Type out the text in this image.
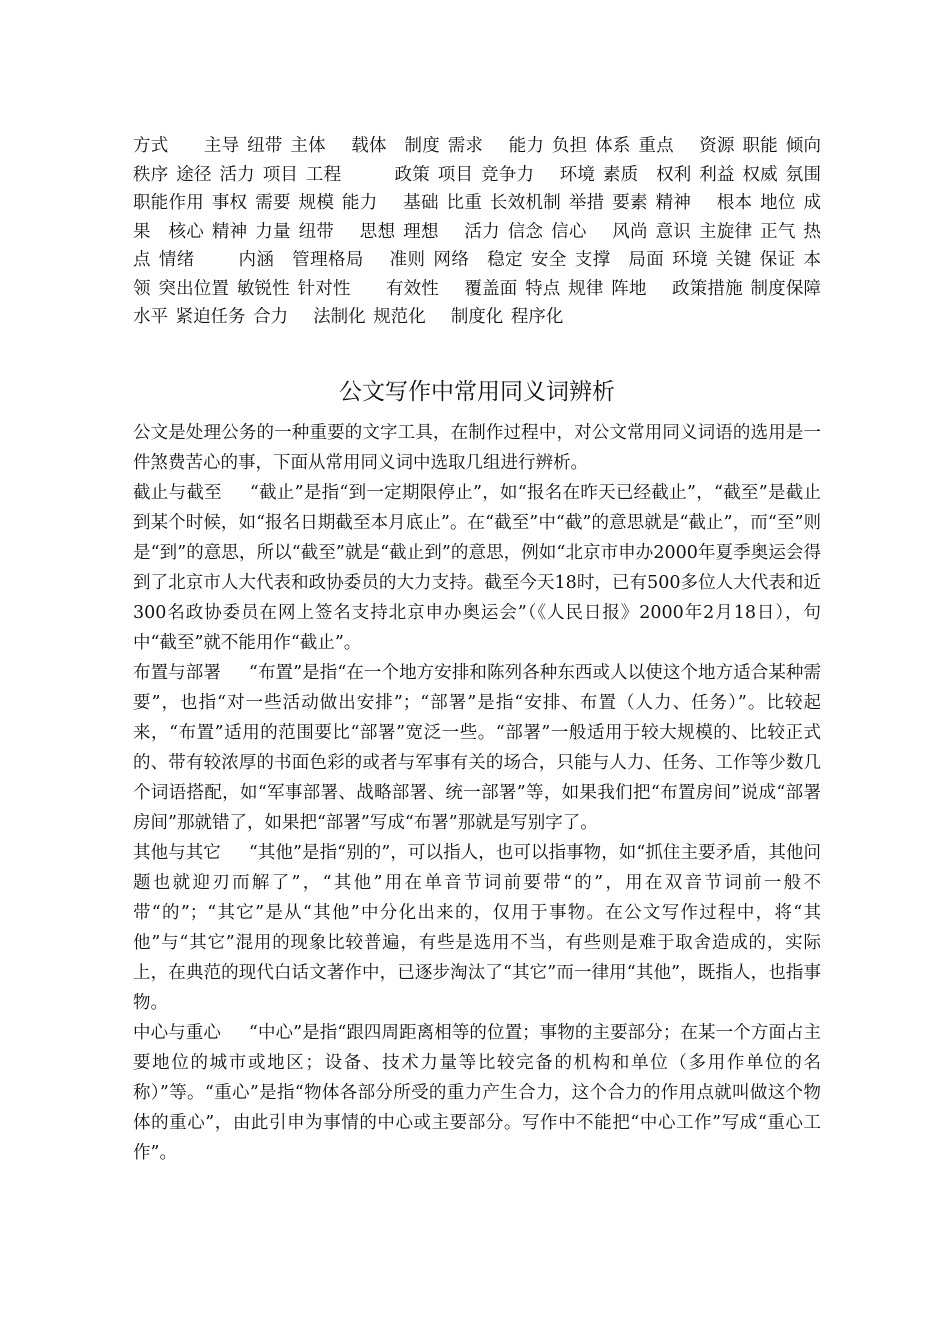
方式　　主导 纽带 主体　 载体　制度 需求　 能力 负担 体系 重点　 资源 职能 倾向 秩序 途径 活力 项目 工程　　　政策 项目 竞争力　 环境 素质　权利 利益 权威 氛围　　职能作用 事权 需要 规模 能力　 基础 比重 长效机制 举措 要素 精神　 根本 地位 成果　核心 精神 力量 纽带　 思想 理想　 活力 信念 信心　 风尚 意识 主旋律 正气 热点 情绪　　 内涵　管理格局　 准则 网络　稳定 安全 支撑　局面 环境 关键 保证 本领 突出位置 敏锐性 针对性　　有效性　 覆盖面 特点 规律 阵地　 政策措施 制度保障 水平 紧迫任务 合力　 法制化 规范化　 制度化 程序化
公文写作中常用同义词辨析

公文是处理公务的一种重要的文字工具，在制作过程中，对公文常用同义词语的选用是一件煞费苦心的事，下面从常用同义词中选取几组进行辨析。

截止与截至 “截止”是指“到一定期限停止”，如“报名在昨天已经截止”，“截至”是截止到某个时候，如“报名日期截至本月底止”。在“截至”中“截”的意思就是“截止”，而“至”则是“到”的意思，所以“截至”就是“截止到”的意思，例如“北京市申办2000年夏季奥运会得到了北京市人大代表和政协委员的大力支持。截至今天18时，已有500多位人大代表和近300名政协委员在网上签名支持北京申办奥运会”（《人民日报》2000年2月18日），句中“截至”就不能用作“截止”。

布置与部署 “布置”是指“在一个地方安排和陈列各种东西或人以使这个地方适合某种需要”，也指“对一些活动做出安排”；“部署”是指“安排、布置（人力、任务）”。比较起来，“布置”适用的范围要比“部署”宽泛一些。“部署”一般适用于较大规模的、比较正式的、带有较浓厚的书面色彩的或者与军事有关的场合，只能与人力、任务、工作等少数几个词语搭配，如“军事部署、战略部署、统一部署”等，如果我们把“布置房间”说成“部署房间”那就错了，如果把“部署”写成“布署”那就是写别字了。

其他与其它 “其他”是指“别的”，可以指人，也可以指事物，如“抓住主要矛盾，其他问题也就迎刃而解了”，“其他”用在单音节词前要带“的”，用在双音节词前一般不带“的”；“其它”是从“其他”中分化出来的，仅用于事物。在公文写作过程中，将“其他”与“其它”混用的现象比较普遍，有些是选用不当，有些则是难于取舍造成的，实际上，在典范的现代白话文著作中，已逐步淘汰了“其它”而一律用“其他”，既指人，也指事物。

中心与重心 “中心”是指“跟四周距离相等的位置；事物的主要部分；在某一个方面占主要地位的城市或地区；设备、技术力量等比较完备的机构和单位（多用作单位的名称）”等。“重心”是指“物体各部分所受的重力产生合力，这个合力的作用点就叫做这个物体的重心”，由此引申为事情的中心或主要部分。写作中不能把“中心工作”写成“重心工作”。
